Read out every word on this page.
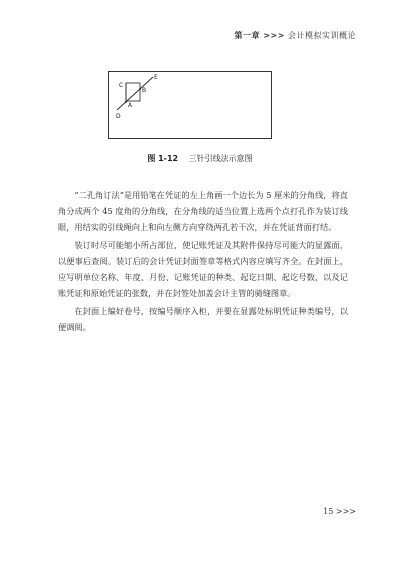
第一章 >>> 会计模拟实训概论
C
B
E
A
D
图 1-12 三针引线法示意图

“二孔角订法”是用铅笔在凭证的左上角画一个边长为 5 厘米的分角线，将直角分成两个 45 度角的分角线，在分角线的适当位置上选两个点打孔作为装订线眼，用结实的引线绳向上和向左侧方向穿绕两孔若干次，并在凭证背面打结。

装订时尽可能缩小所占部位，使记账凭证及其附件保持尽可能大的显露面，以便事后查阅。装订后的会计凭证封面签章等格式内容应填写齐全。在封面上，应写明单位名称、年度、月份、记账凭证的种类、起讫日期、起讫号数，以及记账凭证和原始凭证的张数，并在封签处加盖会计主管的骑缝图章。

在封面上编好卷号，按编号顺序入柜，并要在显露处标明凭证种类编号，以便调阅。

15 >>>
